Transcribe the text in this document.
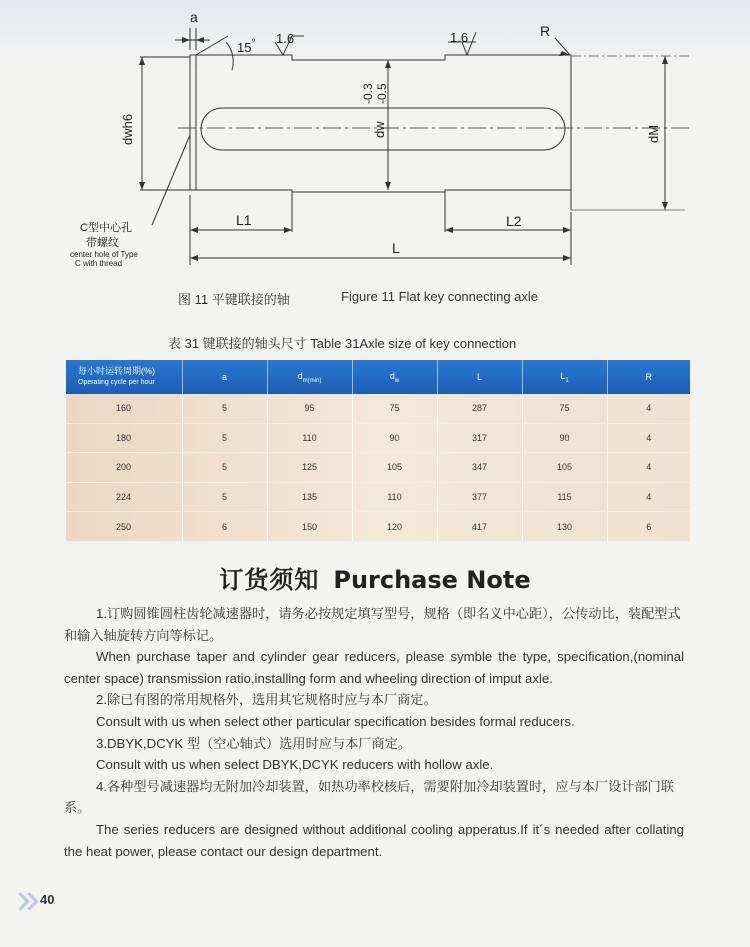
a
15° 1.6	1.6	R
dwh6	dw
-0.3 -0.5
dM
L1	L2
L
C型中心孔
带螺纹
center hole of Type
C with thread
图 11 平键联接的轴	Figure 11 Flat key connecting axle
表 31 键联接的轴头尺寸 Table 31Axle size of key connection
每小时运转周期(%)
Operating cycle per hour	a	$d_{m(min)}$	$d_w$	L	$L_1$	R
160	5	95	75	287	75	4
180	5	110	90	317	90	4
200	5	125	105	347	105	4
224	5	135	110	377	115	4
250	6	150	120	417	130	6
订货须知 Purchase Note

1.订购圆锥圆柱齿轮减速器时，请务必按规定填写型号，规格（即名义中心距），公传动比，装配型式和输入轴旋转方向等标记。

When purchase taper and cylinder gear reducers, please symble the type, specification,(nominal center space) transmission ratio,installing form and wheeling direction of imput axle.

2.除已有图的常用规格外，选用其它规格时应与本厂商定。

Consult with us when select other particular specification besides formal reducers.

3.DBYK,DCYK 型（空心轴式）选用时应与本厂商定。

Consult with us when select DBYK,DCYK reducers with hollow axle.

4.各种型号减速器均无附加冷却装置，如热功率校核后，需要附加冷却装置时，应与本厂设计部门联系。

The series reducers are designed without additional cooling apperatus.If it´s needed after collating the heat power, please contact our design department.

40
